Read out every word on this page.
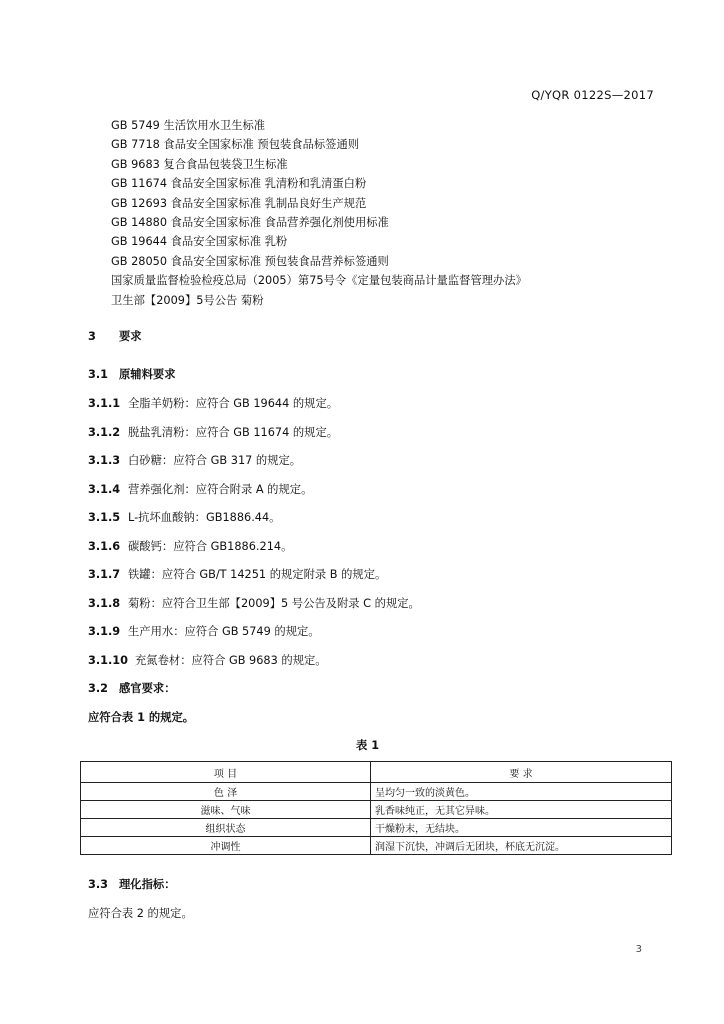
Q/YQR 0122S—2017
GB 5749 生活饮用水卫生标准
GB 7718 食品安全国家标准 预包装食品标签通则
GB 9683 复合食品包装袋卫生标准
GB 11674 食品安全国家标准 乳清粉和乳清蛋白粉
GB 12693 食品安全国家标准 乳制品良好生产规范
GB 14880 食品安全国家标准 食品营养强化剂使用标准
GB 19644 食品安全国家标准 乳粉
GB 28050 食品安全国家标准 预包装食品营养标签通则
国家质量监督检验检疫总局（2005）第75号令《定量包装商品计量监督管理办法》
卫生部【2009】5号公告 菊粉
3 要求
3.1 原辅料要求
3.1.1 全脂羊奶粉：应符合 GB 19644 的规定。
3.1.2 脱盐乳清粉：应符合 GB 11674 的规定。
3.1.3 白砂糖：应符合 GB 317 的规定。
3.1.4 营养强化剂：应符合附录 A 的规定。
3.1.5 L-抗坏血酸钠：GB1886.44。
3.1.6 碳酸钙：应符合 GB1886.214。
3.1.7 铁罐：应符合 GB/T 14251 的规定附录 B 的规定。
3.1.8 菊粉：应符合卫生部【2009】5 号公告及附录 C 的规定。
3.1.9 生产用水：应符合 GB 5749 的规定。
3.1.10 充氮卷材：应符合 GB 9683 的规定。
3.2 感官要求：
应符合表 1 的规定。
表 1
项 目	要 求
色 泽	呈均匀一致的淡黄色。
滋味、气味	乳香味纯正，无其它异味。
组织状态	干燥粉末，无结块。
冲调性	润湿下沉快，冲调后无团块，杯底无沉淀。
3.3 理化指标：
应符合表 2 的规定。
3
